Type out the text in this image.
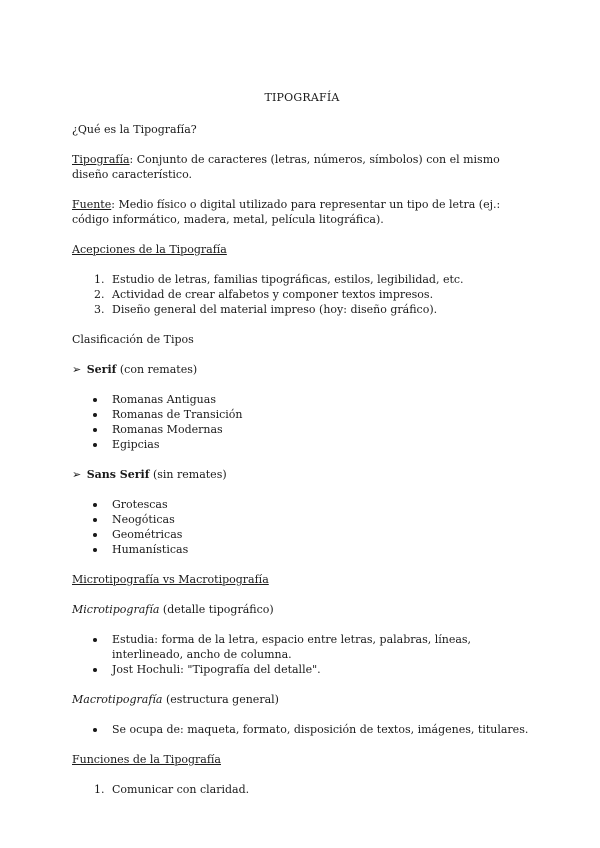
TIPOGRAFÍA

¿Qué es la Tipografía?

Tipografía: Conjunto de caracteres (letras, números, símbolos) con el mismo diseño característico.

Fuente: Medio físico o digital utilizado para representar un tipo de letra (ej.: código informático, madera, metal, película litográfica).

Acepciones de la Tipografía

1. Estudio de letras, familias tipográficas, estilos, legibilidad, etc.
2. Actividad de crear alfabetos y componer textos impresos.
3. Diseño general del material impreso (hoy: diseño gráfico).

Clasificación de Tipos

➢ Serif (con remates)

Romanas Antiguas
Romanas de Transición
Romanas Modernas
Egipcias

➢ Sans Serif (sin remates)

Grotescas
Neogóticas
Geométricas
Humanísticas

Microtipografía vs Macrotipografía

Microtipografía (detalle tipográfico)

Estudia: forma de la letra, espacio entre letras, palabras, líneas, interlineado, ancho de columna.
Jost Hochuli: "Tipografía del detalle".

Macrotipografía (estructura general)

Se ocupa de: maqueta, formato, disposición de textos, imágenes, titulares.

Funciones de la Tipografía

1. Comunicar con claridad.
